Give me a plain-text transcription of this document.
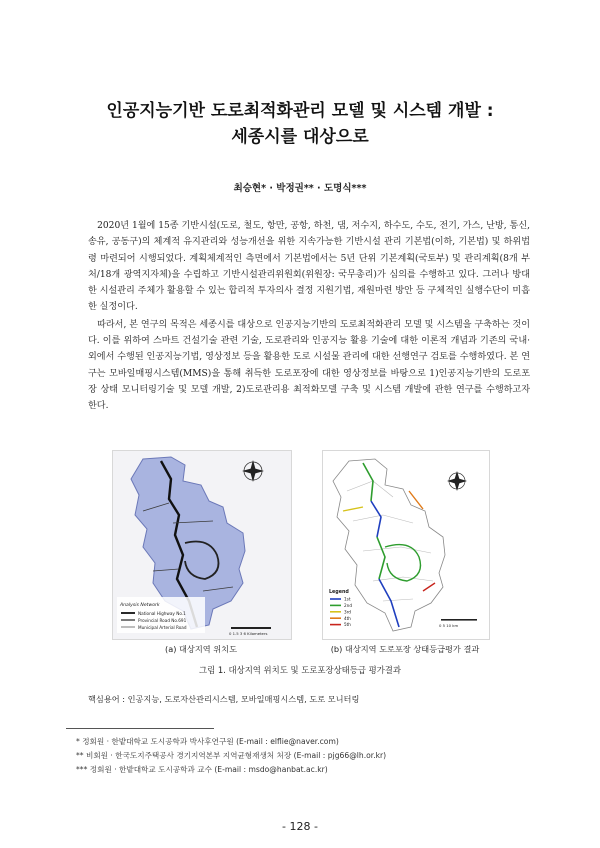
인공지능기반 도로최적화관리 모델 및 시스템 개발 :
세종시를 대상으로
최승현* · 박정권** · 도명식***

2020년 1월에 15종 기반시설(도로, 철도, 항만, 공항, 하천, 댐, 저수지, 하수도, 수도, 전기, 가스, 난방, 통신, 송유, 공동구)의 체계적 유지관리와 성능개선을 위한 지속가능한 기반시설 관리 기본법(이하, 기본법) 및 하위법령 마련되어 시행되었다. 계획체계적인 측면에서 기본법에서는 5년 단위 기본계획(국토부) 및 관리계획(8개 부처/18개 광역지자체)을 수립하고 기반시설관리위원회(위원장: 국무총리)가 심의를 수행하고 있다. 그러나 방대한 시설관리 주체가 활용할 수 있는 합리적 투자의사 결정 지원기법, 재원마련 방안 등 구체적인 실행수단이 미흡한 실정이다.

따라서, 본 연구의 목적은 세종시를 대상으로 인공지능기반의 도로최적화관리 모델 및 시스템을 구축하는 것이다. 이를 위하여 스마트 건설기술 관련 기술, 도로관리와 인공지능 활용 기술에 대한 이론적 개념과 기존의 국내·외에서 수행된 인공지능기법, 영상정보 등을 활용한 도로 시설물 관리에 대한 선행연구 검토를 수행하였다. 본 연구는 모바일매핑시스템(MMS)을 통해 취득한 도로포장에 대한 영상정보를 바탕으로 1)인공지능기반의 도로포장 상태 모니터링기술 및 모델 개발, 2)도로관리용 최적화모델 구축 및 시스템 개발에 관한 연구를 수행하고자 한다.

Analysis Network
National Highway No.1
Provincial Road No.691
Municipal Arterial Road
0 1.5 3 6 Kilometers
Legend
1st
2nd
3rd
4th
5th	0 5 10 km
(a) 대상지역 위치도	(b) 대상지역 도로포장 상태등급평가 결과
그림 1. 대상지역 위치도 및 도로포장상태등급 평가결과
핵심용어 : 인공지능, 도로자산관리시스템, 모바일매핑시스템, 도로 모니터링
* 정회원 · 한밭대학교 도시공학과 박사후연구원 (E-mail : elflie@naver.com)
** 비회원 · 한국도지주택공사 경기지역본부 지역균형재생처 처장 (E-mail : pjg66@lh.or.kr)
*** 정회원 · 한밭대학교 도시공학과 교수 (E-mail : msdo@hanbat.ac.kr)
- 128 -
